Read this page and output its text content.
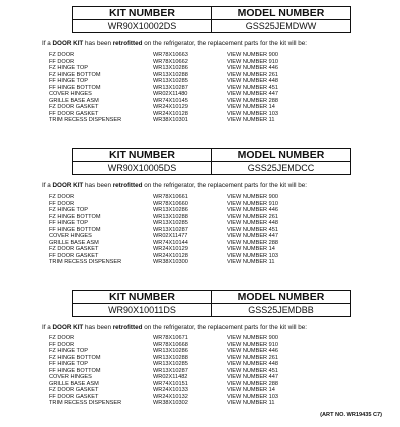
KIT NUMBER	MODEL NUMBER
WR90X10002DS	GSS25JEMDWW
If a DOOR KIT has been retrofitted on the refrigerator, the replacement parts for the kit will be:
FZ DOOR	WR78X10663	VIEW NUMBER 900
FF DOOR	WR78X10662	VIEW NUMBER 910
FZ HINGE TOP	WR13X10286	VIEW NUMBER 446
FZ HINGE BOTTOM	WR13X10288	VIEW NUMBER 261
FF HINGE TOP	WR13X10285	VIEW NUMBER 448
FF HINGE BOTTOM	WR13X10287	VIEW NUMBER 451
COVER HINGES	WR02X11480	VIEW NUMBER 447
GRILLE BASE ASM	WR74X10145	VIEW NUMBER 288
FZ DOOR GASKET	WR24X10129	VIEW NUMBER 14
FF DOOR GASKET	WR24X10128	VIEW NUMBER 103
TRIM RECESS DISPENSER	WR38X10301	VIEW NUMBER 11
KIT NUMBER	MODEL NUMBER
WR90X10005DS	GSS25JEMDCC
If a DOOR KIT has been retrofitted on the refrigerator, the replacement parts for the kit will be:
FZ DOOR	WR78X10661	VIEW NUMBER 900
FF DOOR	WR78X10660	VIEW NUMBER 910
FZ HINGE TOP	WR13X10286	VIEW NUMBER 446
FZ HINGE BOTTOM	WR13X10288	VIEW NUMBER 261
FF HINGE TOP	WR13X10285	VIEW NUMBER 448
FF HINGE BOTTOM	WR13X10287	VIEW NUMBER 451
COVER HINGES	WR02X11477	VIEW NUMBER 447
GRILLE BASE ASM	WR74X10144	VIEW NUMBER 288
FZ DOOR GASKET	WR24X10129	VIEW NUMBER 14
FF DOOR GASKET	WR24X10128	VIEW NUMBER 103
TRIM RECESS DISPENSER	WR38X10300	VIEW NUMBER 11
KIT NUMBER	MODEL NUMBER
WR90X10011DS	GSS25JEMDBB
If a DOOR KIT has been retrofitted on the refrigerator, the replacement parts for the kit will be:
FZ DOOR	WR78X10671	VIEW NUMBER 900
FF DOOR	WR78X10668	VIEW NUMBER 910
FZ HINGE TOP	WR13X10286	VIEW NUMBER 446
FZ HINGE BOTTOM	WR13X10288	VIEW NUMBER 261
FF HINGE TOP	WR13X10285	VIEW NUMBER 448
FF HINGE BOTTOM	WR13X10287	VIEW NUMBER 451
COVER HINGES	WR02X11482	VIEW NUMBER 447
GRILLE BASE ASM	WR74X10151	VIEW NUMBER 288
FZ DOOR GASKET	WR24X10133	VIEW NUMBER 14
FF DOOR GASKET	WR24X10132	VIEW NUMBER 103
TRIM RECESS DISPENSER	WR38X10302	VIEW NUMBER 11
(ART NO. WR19435 C7)
